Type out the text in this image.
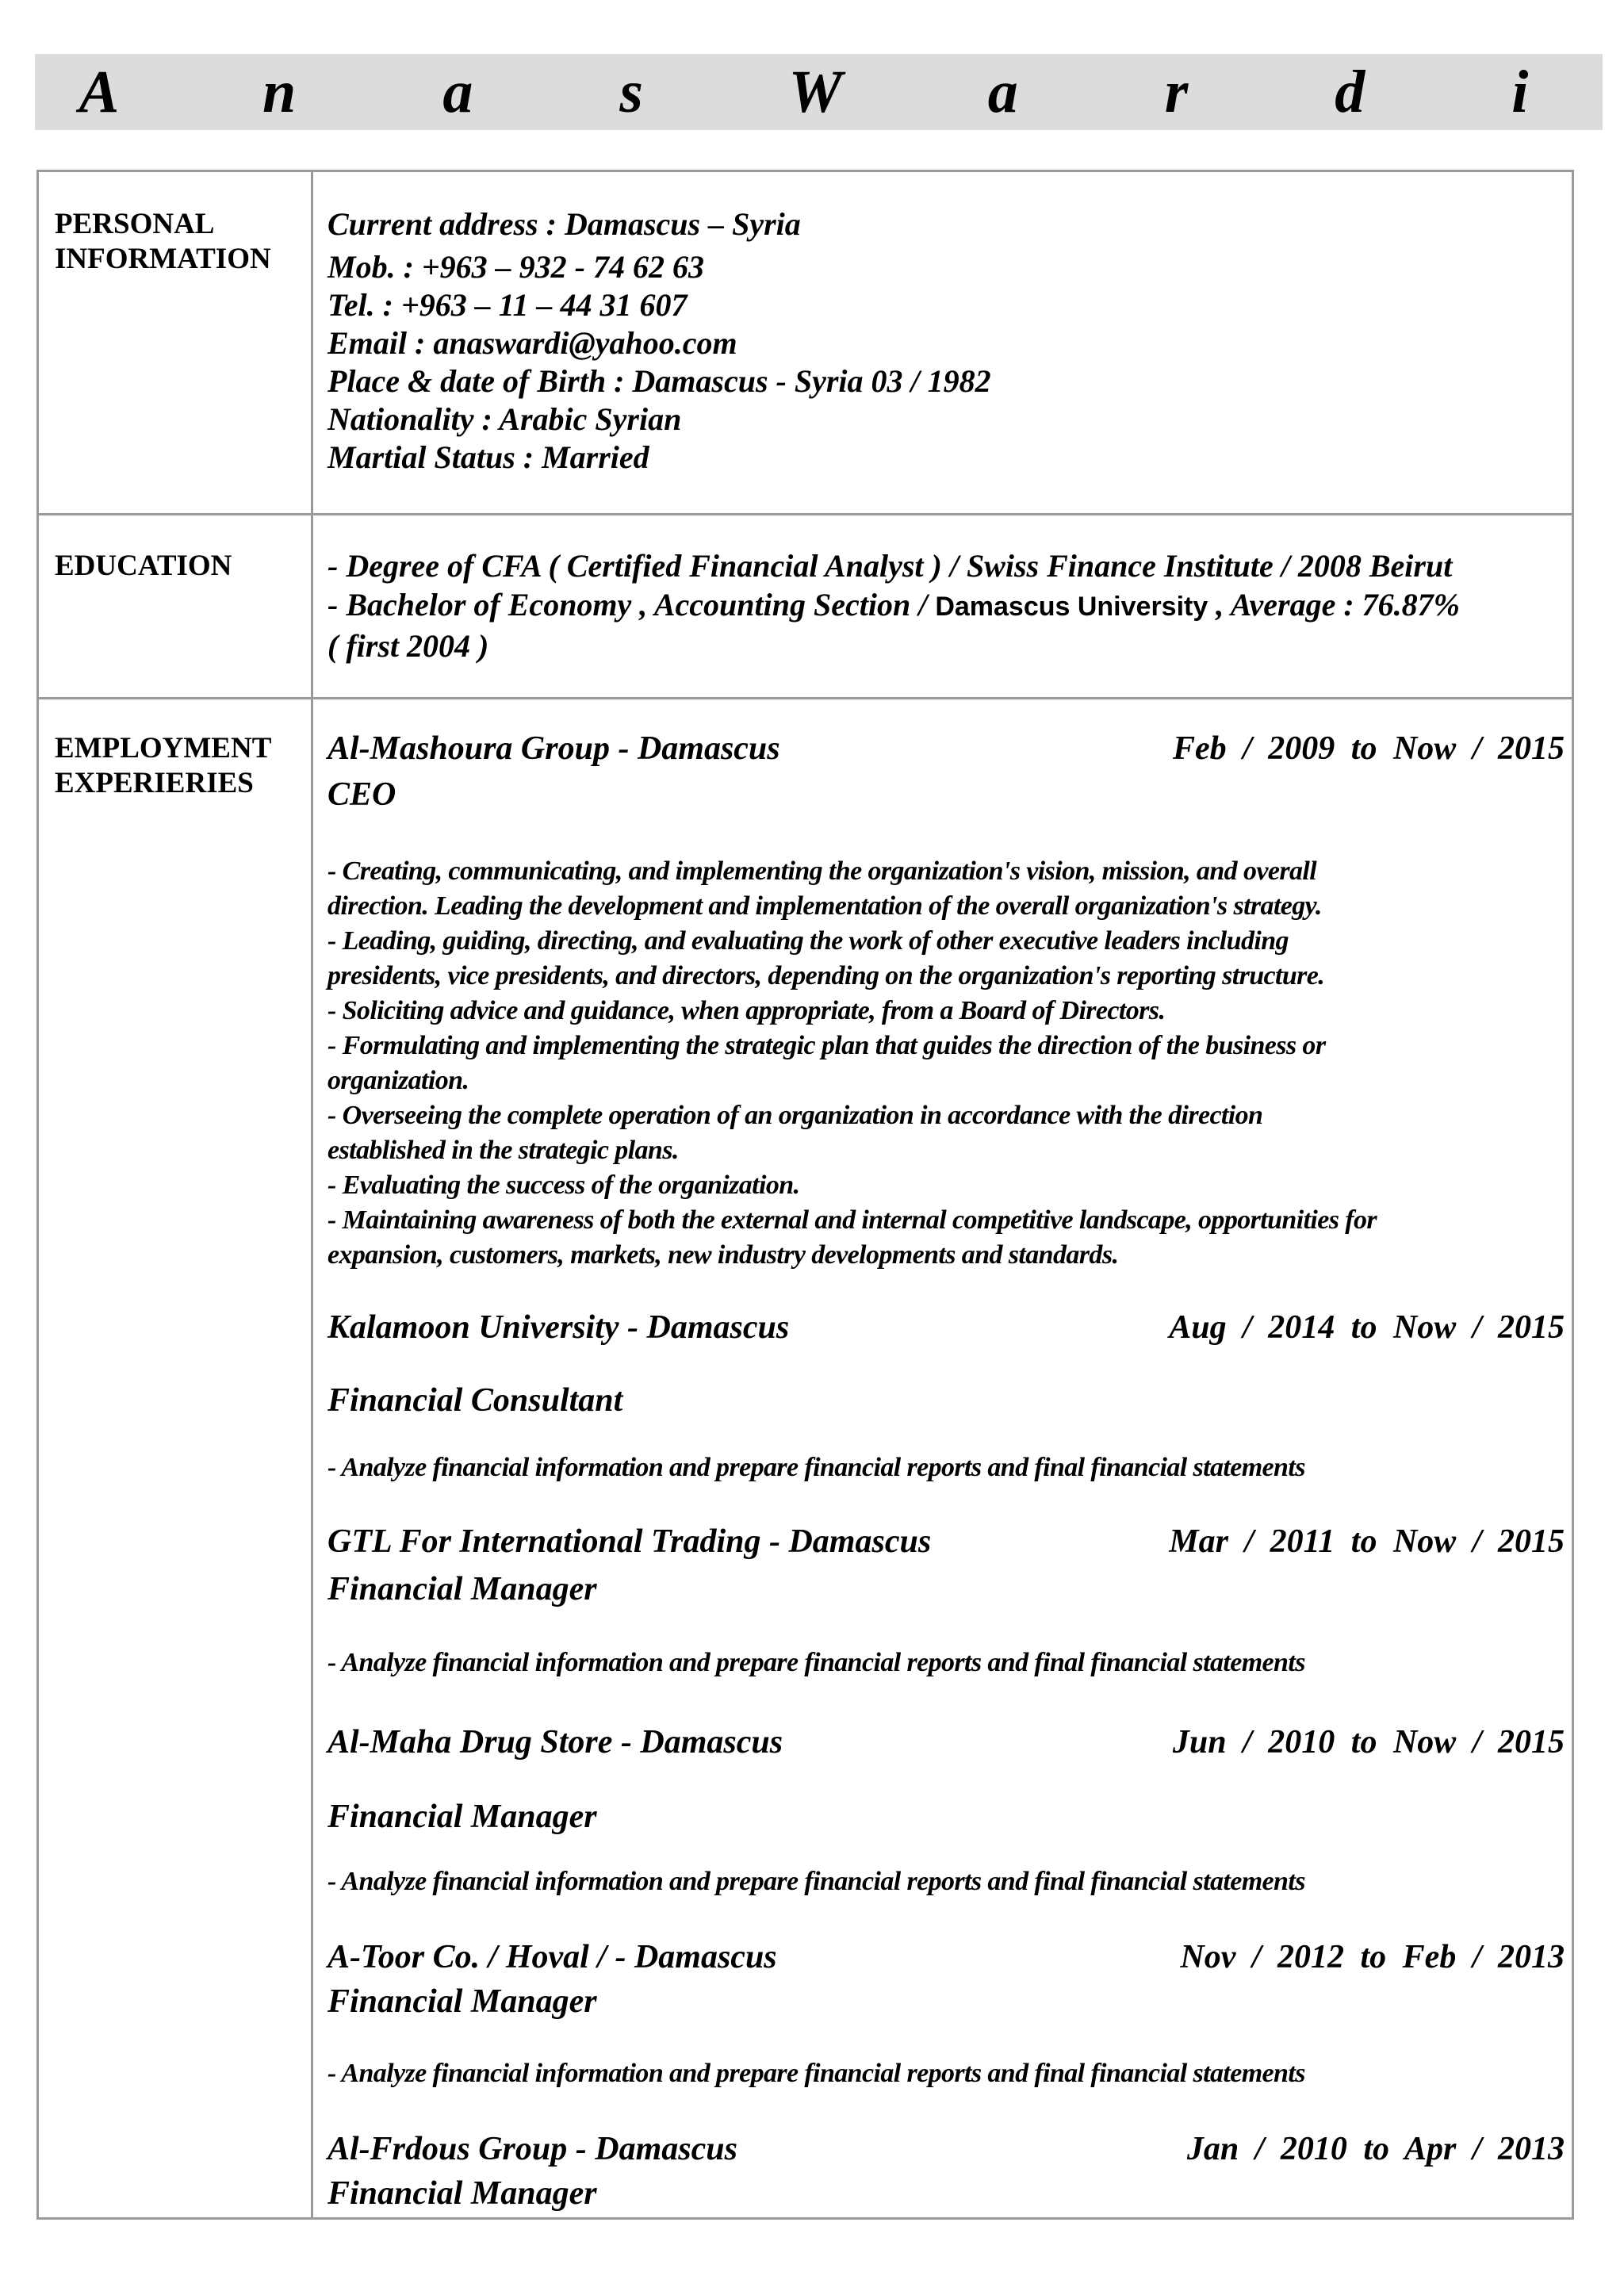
A n a s W a r d i

PERSONAL INFORMATION

Current address : Damascus – Syria
Mob. : +963 – 932 - 74 62 63
Tel. : +963 – 11 – 44 31 607
Email : anaswardi@yahoo.com
Place & date of Birth : Damascus - Syria 03 / 1982
Nationality : Arabic Syrian
Martial Status : Married

EDUCATION	- Degree of CFA ( Certified Financial Analyst ) / Swiss Finance Institute / 2008 Beirut
- Bachelor of Economy , Accounting Section / Damascus University , Average : 76.87%
( first 2004 )

EMPLOYMENT EXPERIERIES

Al-Mashoura Group - Damascus	Feb / 2009 to Now / 2015
CEO
- Creating, communicating, and implementing the organization's vision, mission, and overall
direction. Leading the development and implementation of the overall organization's strategy.
- Leading, guiding, directing, and evaluating the work of other executive leaders including
presidents, vice presidents, and directors, depending on the organization's reporting structure.
- Soliciting advice and guidance, when appropriate, from a Board of Directors.
- Formulating and implementing the strategic plan that guides the direction of the business or
organization.
- Overseeing the complete operation of an organization in accordance with the direction
established in the strategic plans.
- Evaluating the success of the organization.
- Maintaining awareness of both the external and internal competitive landscape, opportunities for
expansion, customers, markets, new industry developments and standards.
Kalamoon University - Damascus	Aug / 2014 to Now / 2015
Financial Consultant
- Analyze financial information and prepare financial reports and final financial statements
GTL For International Trading - Damascus	Mar / 2011 to Now / 2015
Financial Manager
- Analyze financial information and prepare financial reports and final financial statements
Al-Maha Drug Store - Damascus	Jun / 2010 to Now / 2015
Financial Manager
- Analyze financial information and prepare financial reports and final financial statements
A-Toor Co. / Hoval / - Damascus	Nov / 2012 to Feb / 2013
Financial Manager
- Analyze financial information and prepare financial reports and final financial statements
Al-Frdous Group - Damascus	Jan / 2010 to Apr / 2013
Financial Manager
